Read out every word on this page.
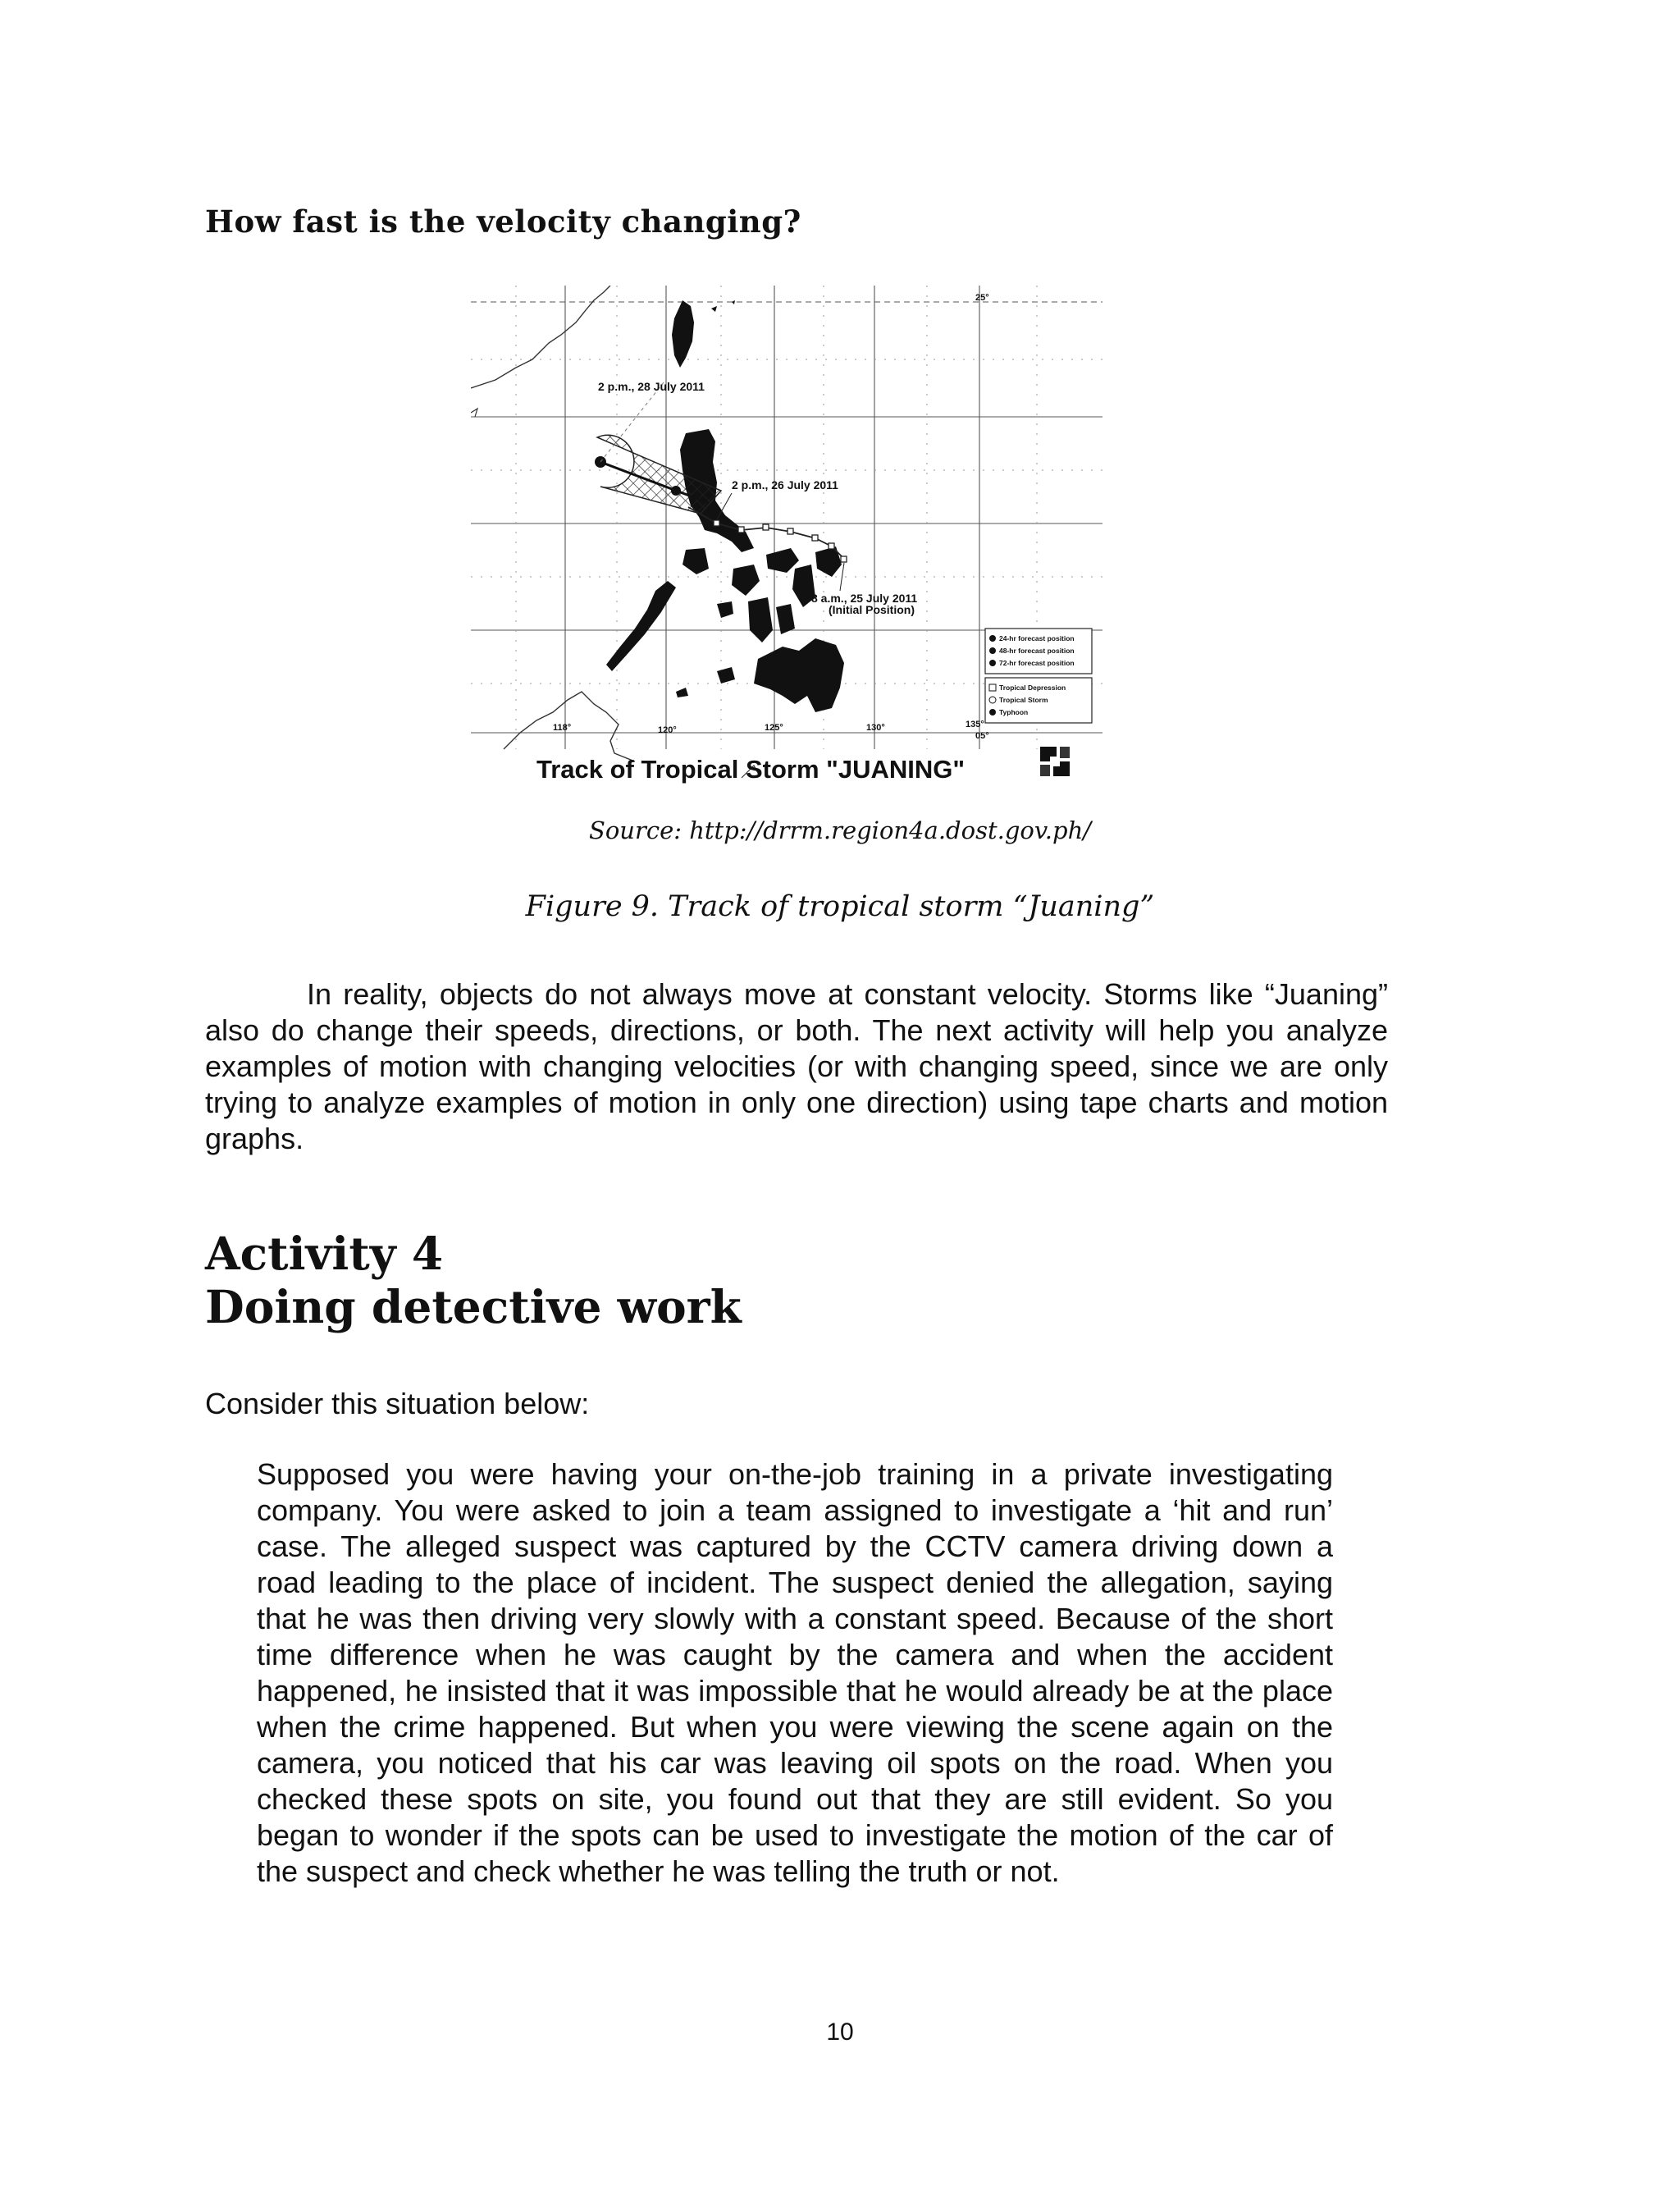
How fast is the velocity changing?
2 p.m., 28 July 2011
2 p.m., 26 July 2011
8 a.m., 25 July 2011
(Initial Position)
118°	120°	125°	130°	135°
25°
05°
24-hr forecast position
48-hr forecast position
72-hr forecast position
Tropical Depression
Tropical Storm
Typhoon
Track of Tropical Storm "JUANING"
Source: http://drrm.region4a.dost.gov.ph/
Figure 9. Track of tropical storm “Juaning”
In reality, objects do not always move at constant velocity. Storms like “Juaning” also do change their speeds, directions, or both. The next activity will help you analyze examples of motion with changing velocities (or with changing speed, since we are only trying to analyze examples of motion in only one direction) using tape charts and motion graphs.
Activity 4
Doing detective work
Consider this situation below:
Supposed you were having your on-the-job training in a private investigating company. You were asked to join a team assigned to investigate a ‘hit and run’ case. The alleged suspect was captured by the CCTV camera driving down a road leading to the place of incident. The suspect denied the allegation, saying that he was then driving very slowly with a constant speed. Because of the short time difference when he was caught by the camera and when the accident happened, he insisted that it was impossible that he would already be at the place when the crime happened. But when you were viewing the scene again on the camera, you noticed that his car was leaving oil spots on the road. When you checked these spots on site, you found out that they are still evident. So you began to wonder if the spots can be used to investigate the motion of the car of the suspect and check whether he was telling the truth or not.
10
